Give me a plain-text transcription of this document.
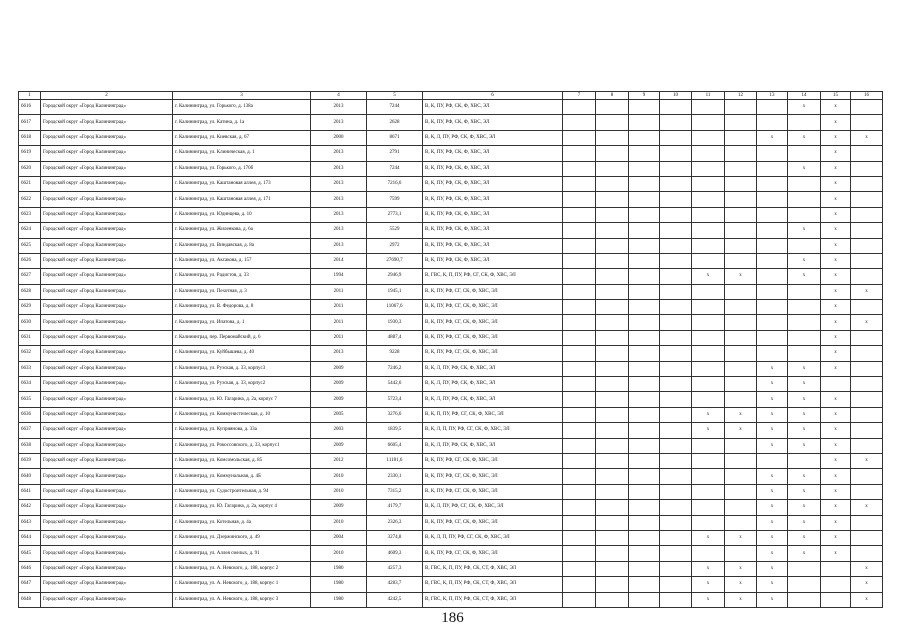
1	2	3	4	5	6	7	8	9	10	11	12	13	14	15	16
6616	Городской округ «Город Калининград»	г. Калининград, ул. Горького, д. 138а	2013	7244	В, К, ПУ, РФ, СК, Ф, ХВС, ЭЛ								x	x	
6617	Городской округ «Город Калининград»	г. Калининград, ул. Катина, д. 1а	2013	2628	В, К, ПУ, РФ, СК, Ф, ХВС, ЭЛ									x	
6618	Городской округ «Город Калининград»	г. Калининград, ул. Киевская, д. 67	2000	8671	В, К, Л, ПУ, РФ, СК, Ф, ХВС, ЭЛ							x	x	x	x
6619	Городской округ «Город Калининград»	г. Калининград, ул. Клиническая, д. 1	2013	2791	В, К, ПУ, РФ, СК, Ф, ХВС, ЭЛ									x	
6620	Городской округ «Город Калининград»	г. Калининград, ул. Горького, д. 170б	2013	7244	В, К, ПУ, РФ, СК, Ф, ХВС, ЭЛ								x	x	
6621	Городской округ «Город Калининград»	г. Калининград, ул. Каштановая аллея, д. 173	2013	7216,6	В, К, ПУ, РФ, СК, Ф, ХВС, ЭЛ									x	
6622	Городской округ «Город Калининград»	г. Калининград, ул. Каштановая аллея, д. 171	2013	7599	В, К, ПУ, РФ, СК, Ф, ХВС, ЭЛ									x	
6623	Городской округ «Город Калининград»	г. Калининград, ул. Юдинцева, д. 10	2013	2773,1	В, К, ПУ, РФ, СК, Ф, ХВС, ЭЛ									x	
6624	Городской округ «Город Калининград»	г. Калининград, ул. Жиленкова, д. 6а	2013	5529	В, К, ПУ, РФ, СК, Ф, ХВС, ЭЛ								x	x	
6625	Городской округ «Город Калининград»	г. Калининград, ул. Виндавская, д. 8а	2013	2972	В, К, ПУ, РФ, СК, Ф, ХВС, ЭЛ									x	
6626	Городской округ «Город Калининград»	г. Калининград, ул. Аксакова, д. 157	2014	27690,7	В, К, ПУ, РФ, СК, Ф, ХВС, ЭЛ								x	x	
6627	Городской округ «Город Калининград»	г. Калининград, ул. Радистов, д. 33	1994	2946,9	В, ГВС, К, П, ПУ, РФ, СГ, СК, Ф, ХВС, ЭЛ					x	x		x	x	
6628	Городской округ «Город Калининград»	г. Калининград, ул. Пехотная, д. 3	2011	1945,1	В, К, ПУ, РФ, СГ, СК, Ф, ХВС, ЭЛ									x	x
6629	Городской округ «Город Калининград»	г. Калининград, ул. В. Федорова, д. 8	2011	11067,6	В, К, ПУ, РФ, СГ, СК, Ф, ХВС, ЭЛ									x	
6630	Городской округ «Город Калининград»	г. Калининград, ул. Ипатова, д. 1	2011	1930,3	В, К, ПУ, РФ, СГ, СК, Ф, ХВС, ЭЛ									x	x
6631	Городской округ «Город Калининград»	г. Калининград, пер. Первомайский, д. 6	2011	4887,4	В, К, ПУ, РФ, СГ, СК, Ф, ХВС, ЭЛ									x	
6632	Городской округ «Город Калининград»	г. Калининград, ул. Куйбышева, д. 40	2013	9228	В, К, ПУ, РФ, СГ, СК, Ф, ХВС, ЭЛ									x	
6633	Городской округ «Город Калининград»	г. Калининград, ул. Рузская, д. 33, корпус3	2009	7246,2	В, К, Л, ПУ, РФ, СК, Ф, ХВС, ЭЛ							x	x	x	
6634	Городской округ «Город Калининград»	г. Калининград, ул. Рузская, д. 33, корпус2	2009	5442,6	В, К, Л, ПУ, РФ, СК, Ф, ХВС, ЭЛ							x	x		
6635	Городской округ «Город Калининград»	г. Калининград, ул. Ю. Гагарина, д. 2а, корпус 7	2009	5723,4	В, К, Л, ПУ, РФ, СК, Ф, ХВС, ЭЛ							x	x	x	
6636	Городской округ «Город Калининград»	г. Калининград, ул. Коммунистическая, д. 10	2005	3276,6	В, К, П, ПУ, РФ, СГ, СК, Ф, ХВС, ЭЛ					x	x	x	x	x	
6637	Городской округ «Город Калининград»	г. Калининград, ул. Куприянова, д. 33а	2003	1839,5	В, К, Л, П, ПУ, РФ, СГ, СК, Ф, ХВС, ЭЛ					x	x	x	x	x	
6638	Городской округ «Город Калининград»	г. Калининград, ул. Рокоссовского, д. 33, корпус1	2009	6605,4	В, К, Л, ПУ, РФ, СК, Ф, ХВС, ЭЛ							x	x	x	
6639	Городской округ «Город Калининград»	г. Калининград, ул. Комсомольская, д. 85	2012	11181,6	В, К, ПУ, РФ, СГ, СК, Ф, ХВС, ЭЛ									x	x
6640	Городской округ «Город Калининград»	г. Калининград, ул. Коммунальная, д. 4Б	2010	2330,1	В, К, ПУ, РФ, СГ, СК, Ф, ХВС, ЭЛ							x	x	x	
6641	Городской округ «Город Калининград»	г. Калининград, ул. Судостроительная, д. 94	2010	7315,2	В, К, ПУ, РФ, СГ, СК, Ф, ХВС, ЭЛ							x	x	x	
6642	Городской округ «Город Калининград»	г. Калининград, ул. Ю. Гагарина, д. 2а, корпус 4	2009	4179,7	В, К, Л, ПУ, РФ, СГ, СК, Ф, ХВС, ЭЛ							x	x	x	x
6643	Городской округ «Город Калининград»	г. Калининград, ул. Котельная, д. 4а	2010	2326,3	В, К, ПУ, РФ, СГ, СК, Ф, ХВС, ЭЛ							x	x	x	
6644	Городской округ «Город Калининград»	г. Калининград, ул. Дзержинского, д. 49	2004	3274,8	В, К, Л, П, ПУ, РФ, СГ, СК, Ф, ХВС, ЭЛ					x	x	x	x	x	
6645	Городской округ «Город Калининград»	г. Калининград, ул. Аллея смелых, д. 91	2010	4609,3	В, К, ПУ, РФ, СГ, СК, Ф, ХВС, ЭЛ							x	x	x	
6646	Городской округ «Город Калининград»	г. Калининград, ул. А. Невского, д. 188, корпус 2	1980	4257,3	В, ГВС, К, П, ПУ, РФ, СК, СТ, Ф, ХВС, ЭЛ					x	x	x			x
6647	Городской округ «Город Калининград»	г. Калининград, ул. А. Невского, д. 188, корпус 1	1980	4283,7	В, ГВС, К, П, ПУ, РФ, СК, СТ, Ф, ХВС, ЭЛ					x	x	x			x
6648	Городской округ «Город Калининград»	г. Калининград, ул. А. Невского, д. 188, корпус 3	1980	4242,5	В, ГВС, К, П, ПУ, РФ, СК, СТ, Ф, ХВС, ЭЛ					x	x	x			x
186
